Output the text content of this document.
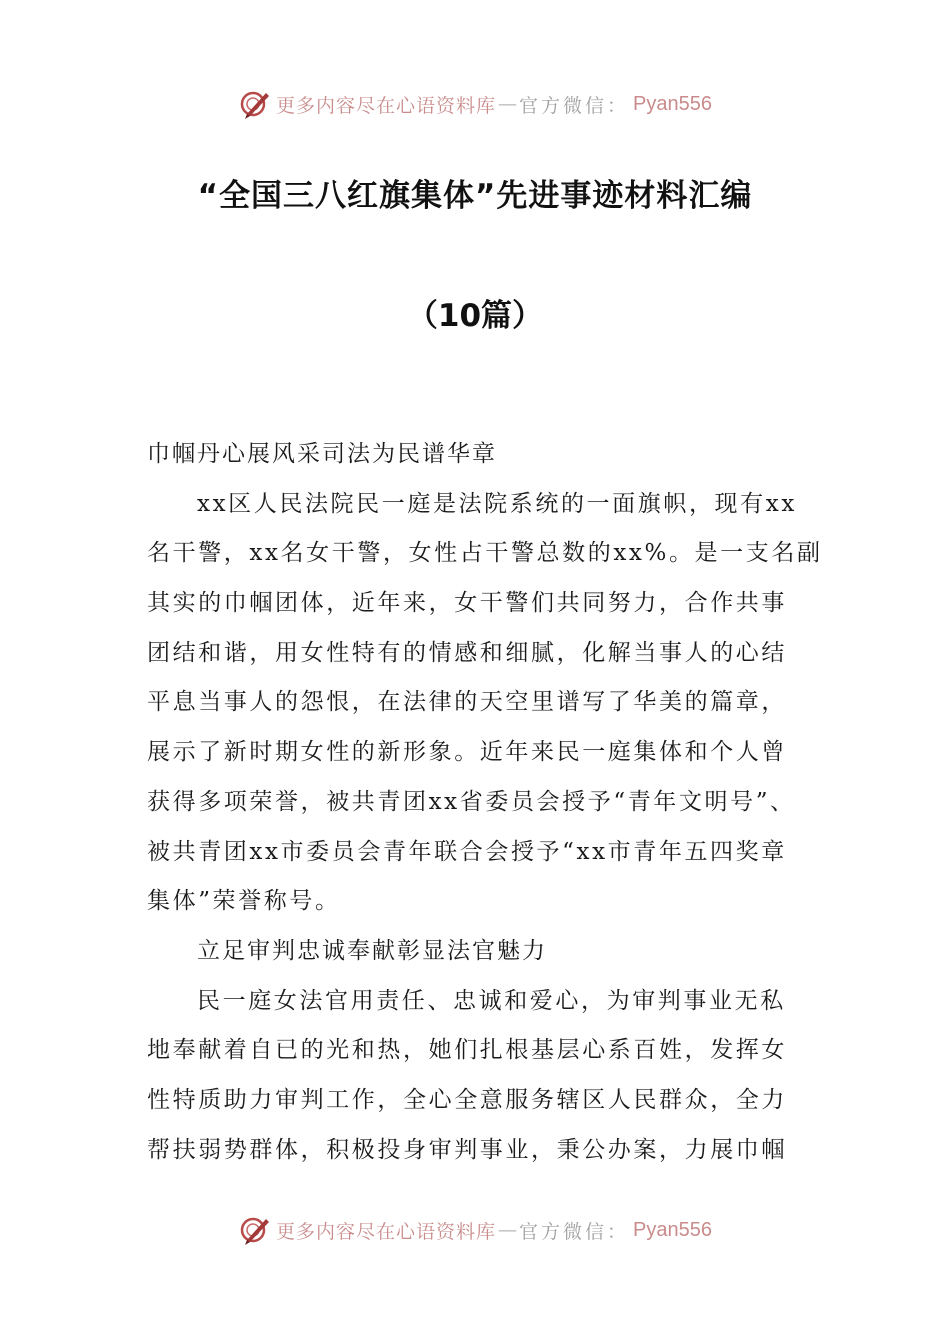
更多内容尽在心语资料库 — 官方微信： Pyan556
“全国三八红旗集体”先进事迹材料汇编
（10篇）
巾帼丹心展风采司法为民谱华章
xx区人民法院民一庭是法院系统的一面旗帜，现有xx
名干警，xx名女干警，女性占干警总数的xx%。是一支名副
其实的巾帼团体，近年来，女干警们共同努力，合作共事
团结和谐，用女性特有的情感和细腻，化解当事人的心结
平息当事人的怨恨，在法律的天空里谱写了华美的篇章，
展示了新时期女性的新形象。近年来民一庭集体和个人曾
获得多项荣誉，被共青团xx省委员会授予“青年文明号”、
被共青团xx市委员会青年联合会授予“xx市青年五四奖章
集体”荣誉称号。
立足审判忠诚奉献彰显法官魅力
民一庭女法官用责任、忠诚和爱心，为审判事业无私
地奉献着自已的光和热，她们扎根基层心系百姓，发挥女
性特质助力审判工作，全心全意服务辖区人民群众，全力
帮扶弱势群体，积极投身审判事业，秉公办案，力展巾帼
更多内容尽在心语资料库 — 官方微信： Pyan556
